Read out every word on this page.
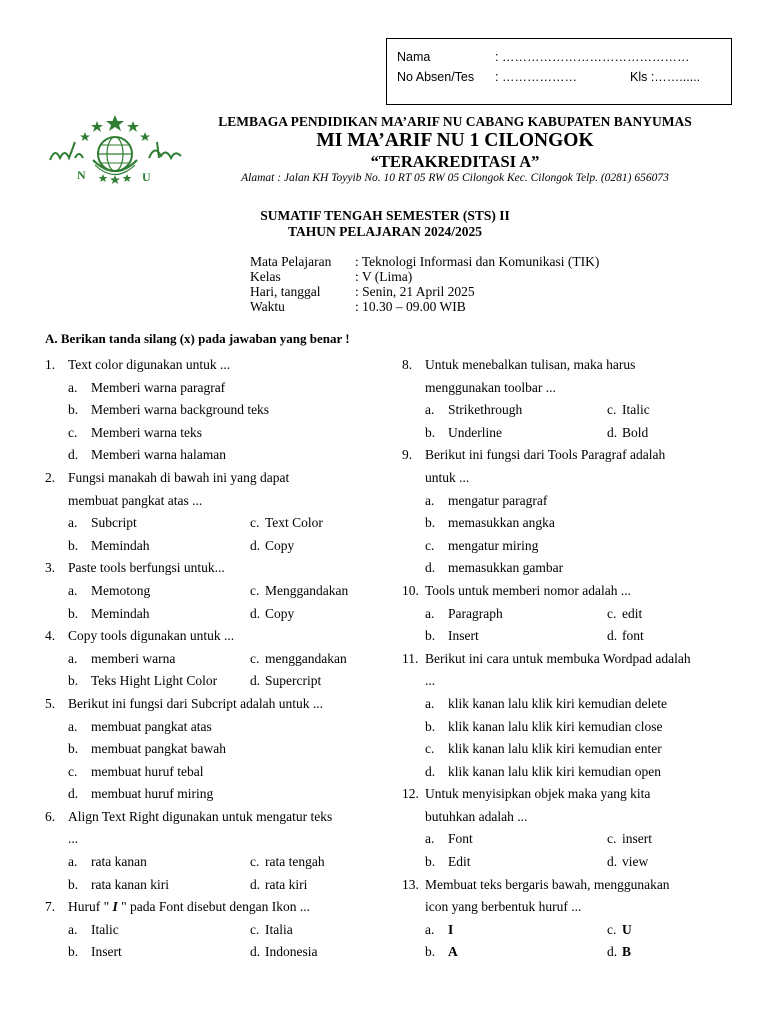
Nama	: ………………………………………
No Absen/Tes : ………………	Kls :……......
N	U
LEMBAGA PENDIDIKAN MA’ARIF NU CABANG KABUPATEN BANYUMAS
MI MA’ARIF NU 1 CILONGOK
“TERAKREDITASI A”
Alamat : Jalan KH Toyyib No. 10 RT 05 RW 05 Cilongok Kec. Cilongok Telp. (0281) 656073
SUMATIF TENGAH SEMESTER (STS) II
TAHUN PELAJARAN 2024/2025
Mata Pelajaran : Teknologi Informasi dan Komunikasi (TIK)
Kelas	: V (Lima)
Hari, tanggal	: Senin, 21 April 2025
Waktu	: 10.30 – 09.00 WIB
A. Berikan tanda silang (x) pada jawaban yang benar !
1. Text color digunakan untuk ...
a. Memberi warna paragraf
b. Memberi warna background teks
c. Memberi warna teks
d. Memberi warna halaman
2. Fungsi manakah di bawah ini yang dapat
membuat pangkat atas ...
a. Subcript	c. Text Color
b. Memindah	d. Copy
3. Paste tools berfungsi untuk...
a. Memotong	c. Menggandakan
b. Memindah	d. Copy
4. Copy tools digunakan untuk ...
a. memberi warna	c. menggandakan
b. Teks Hight Light Color d. Supercript
5. Berikut ini fungsi dari Subcript adalah untuk ...
a. membuat pangkat atas
b. membuat pangkat bawah
c. membuat huruf tebal
d. membuat huruf miring
6. Align Text Right digunakan untuk mengatur teks
...
a. rata kanan	c. rata tengah
b. rata kanan kiri	d. rata kiri
7. Huruf " I " pada Font disebut dengan Ikon ...
a. Italic	c. Italia
b. Insert	d. Indonesia
8. Untuk menebalkan tulisan, maka harus
menggunakan toolbar ...
a. Strikethrough	c. Italic
b. Underline	d. Bold
9. Berikut ini fungsi dari Tools Paragraf adalah
untuk ...
a. mengatur paragraf
b. memasukkan angka
c. mengatur miring
d. memasukkan gambar
10. Tools untuk memberi nomor adalah ...
a. Paragraph	c. edit
b. Insert	d. font
11. Berikut ini cara untuk membuka Wordpad adalah
...
a. klik kanan lalu klik kiri kemudian delete
b. klik kanan lalu klik kiri kemudian close
c. klik kanan lalu klik kiri kemudian enter
d. klik kanan lalu klik kiri kemudian open
12. Untuk menyisipkan objek maka yang kita
butuhkan adalah ...
a. Font	c. insert
b. Edit	d. view
13. Membuat teks bergaris bawah, menggunakan
icon yang berbentuk huruf ...
a. I	c. U
b. A	d. B
